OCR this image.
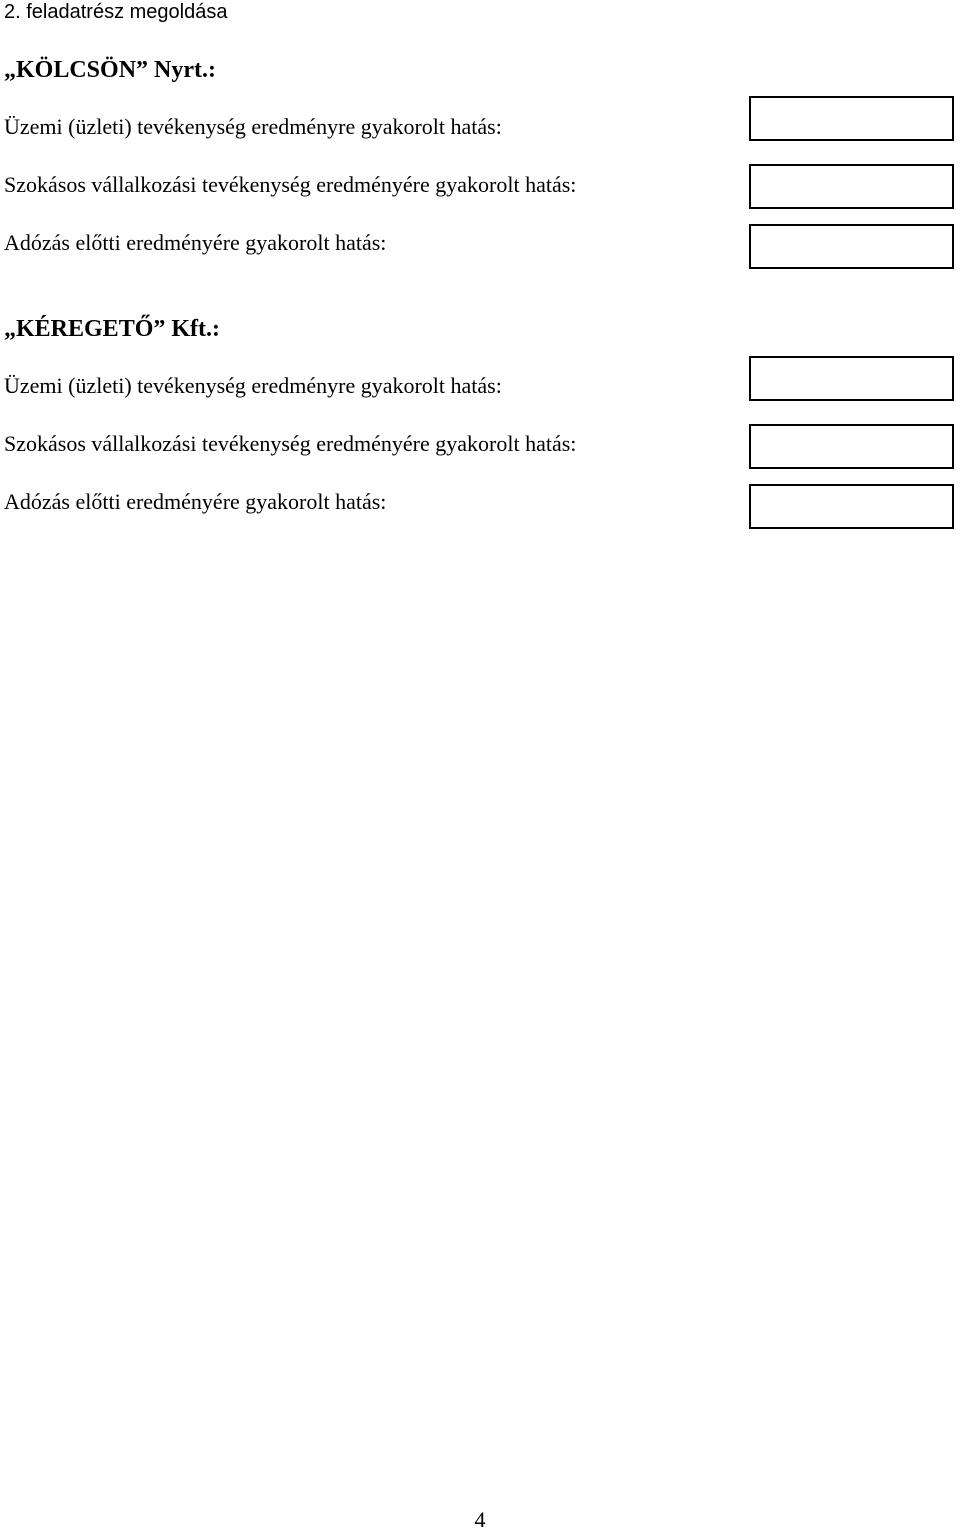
2. feladatrész megoldása
„KÖLCSÖN” Nyrt.:
Üzemi (üzleti) tevékenység eredményre gyakorolt hatás:
Szokásos vállalkozási tevékenység eredményére gyakorolt hatás:
Adózás előtti eredményére gyakorolt hatás:
„KÉREGETŐ” Kft.:
Üzemi (üzleti) tevékenység eredményre gyakorolt hatás:
Szokásos vállalkozási tevékenység eredményére gyakorolt hatás:
Adózás előtti eredményére gyakorolt hatás:
4
